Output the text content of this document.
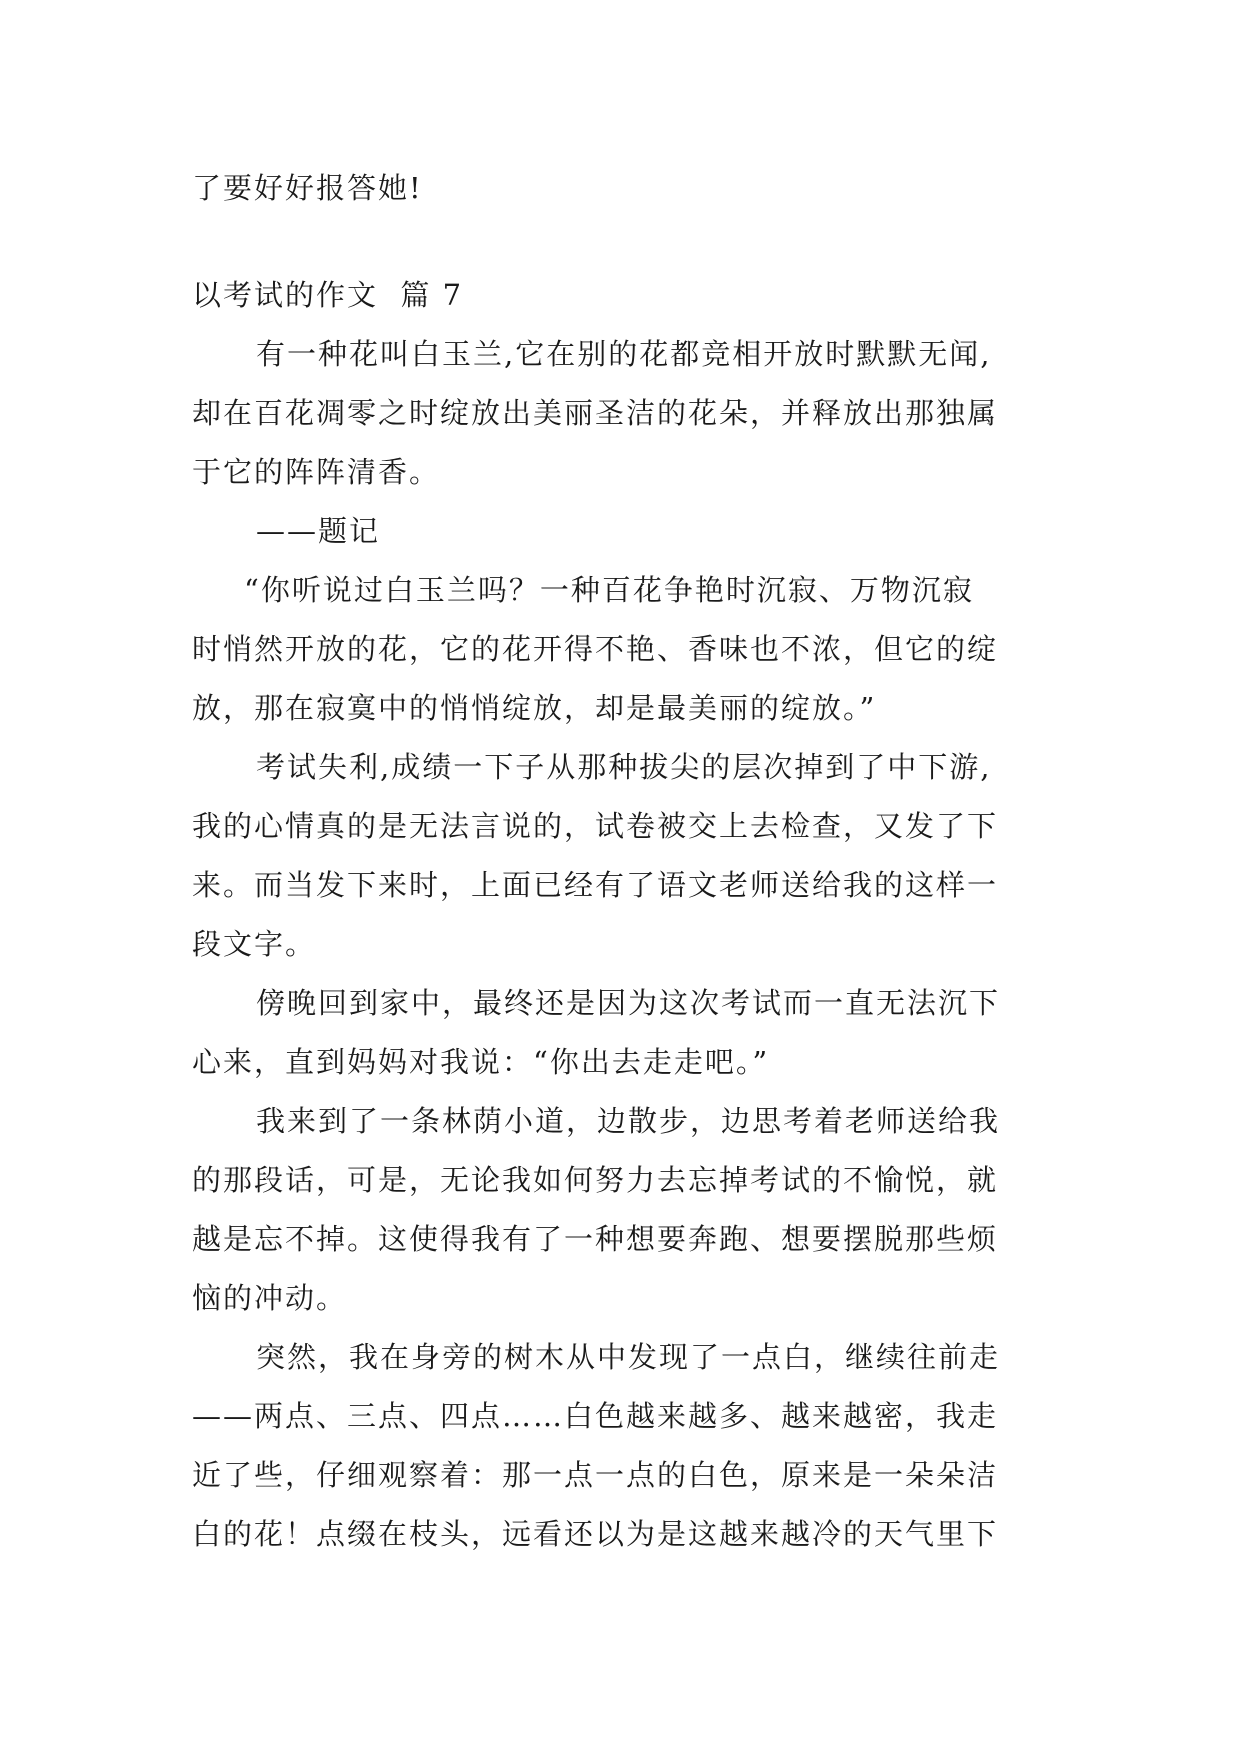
了要好好报答她!
以考试的作文  篇 7
有一种花叫白玉兰,它在别的花都竞相开放时默默无闻,
却在百花凋零之时绽放出美丽圣洁的花朵，并释放出那独属
于它的阵阵清香。
——题记
“你听说过白玉兰吗？一种百花争艳时沉寂、万物沉寂
时悄然开放的花，它的花开得不艳、香味也不浓，但它的绽
放，那在寂寞中的悄悄绽放，却是最美丽的绽放。”
考试失利,成绩一下子从那种拔尖的层次掉到了中下游,
我的心情真的是无法言说的，试卷被交上去检查，又发了下
来。而当发下来时，上面已经有了语文老师送给我的这样一
段文字。
傍晚回到家中，最终还是因为这次考试而一直无法沉下
心来，直到妈妈对我说：“你出去走走吧。”
我来到了一条林荫小道，边散步，边思考着老师送给我
的那段话，可是，无论我如何努力去忘掉考试的不愉悦，就
越是忘不掉。这使得我有了一种想要奔跑、想要摆脱那些烦
恼的冲动。
突然，我在身旁的树木从中发现了一点白，继续往前走
——两点、三点、四点……白色越来越多、越来越密，我走
近了些，仔细观察着：那一点一点的白色，原来是一朵朵洁
白的花！点缀在枝头，远看还以为是这越来越冷的天气里下
